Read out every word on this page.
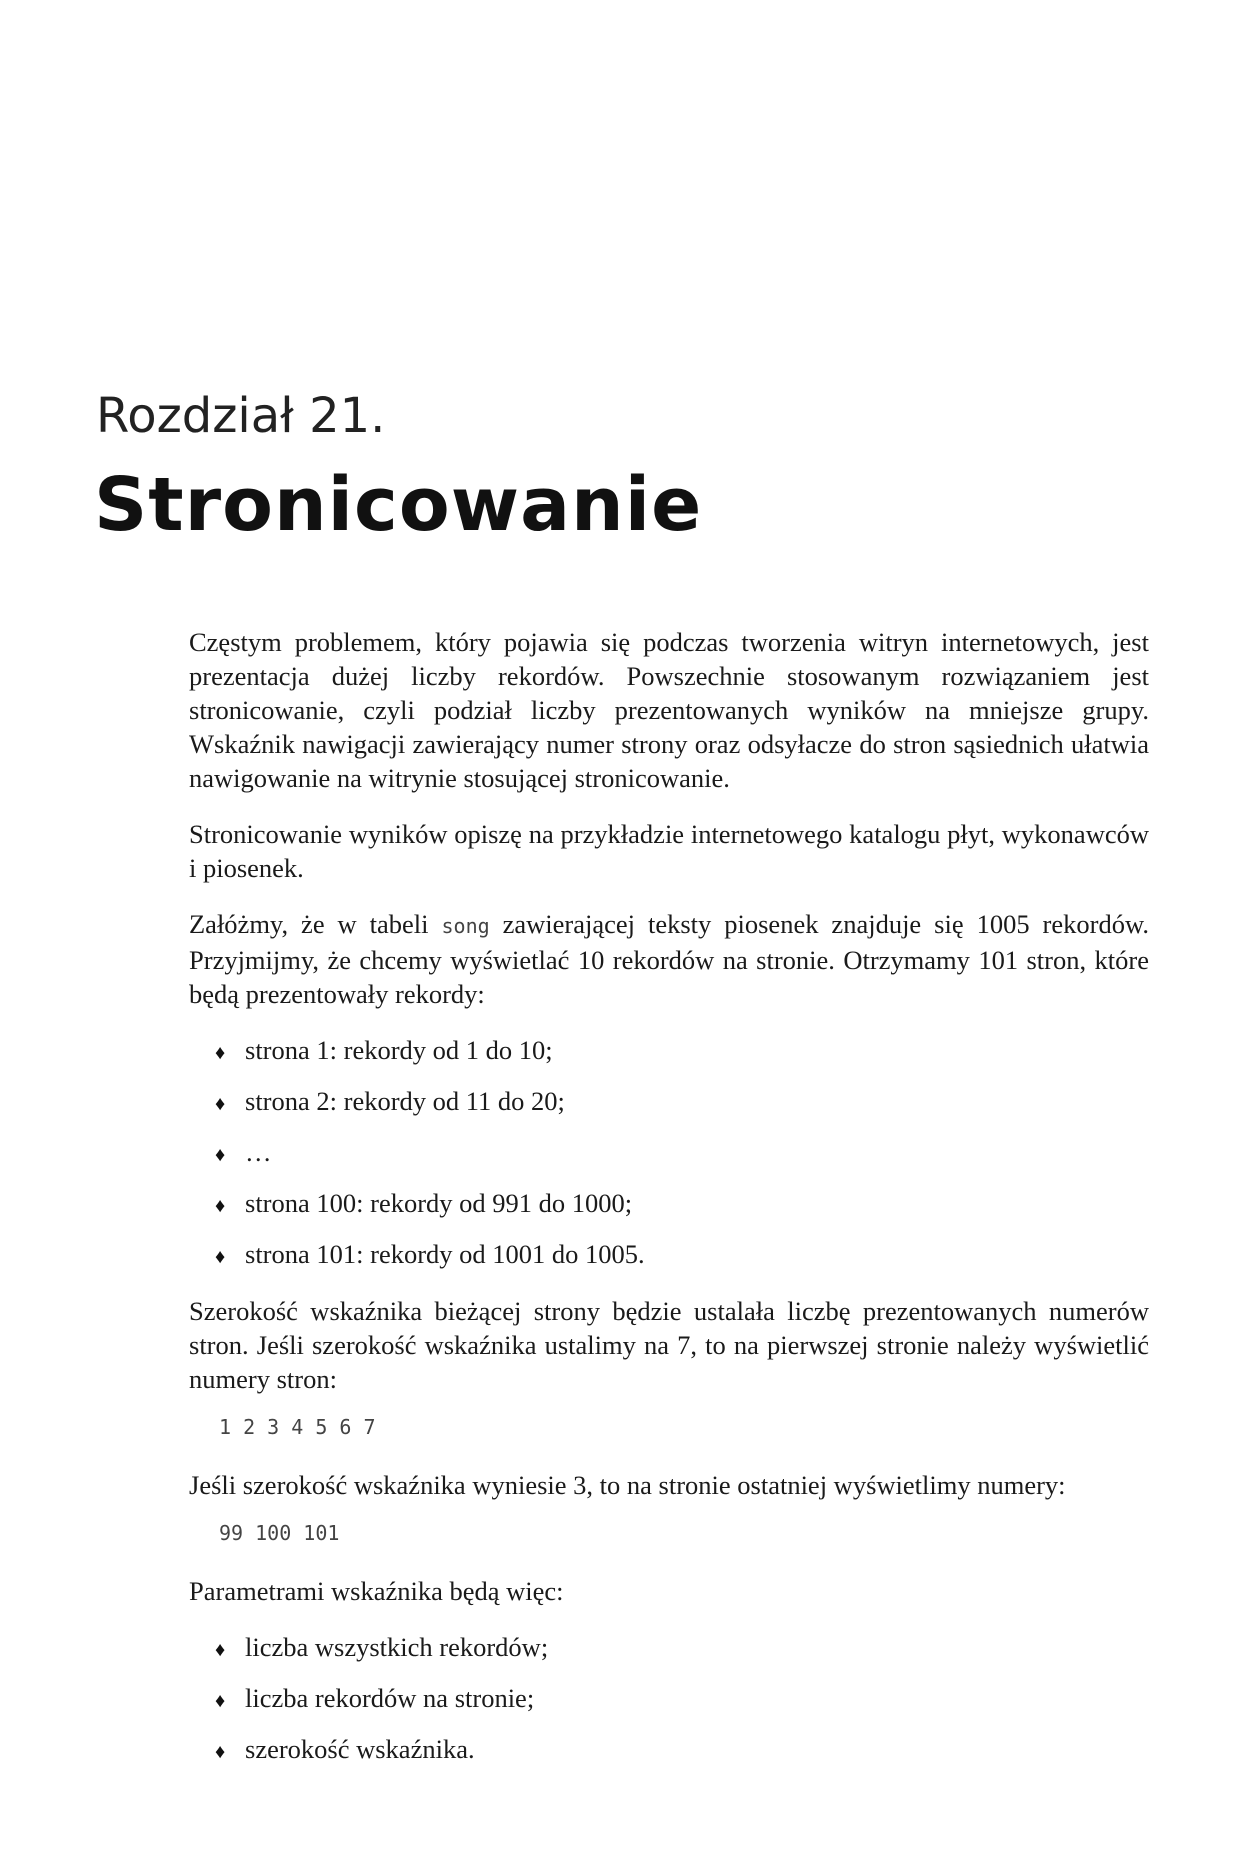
Rozdział 21.
Stronicowanie

Częstym problemem, który pojawia się podczas tworzenia witryn internetowych, jest prezentacja dużej liczby rekordów. Powszechnie stosowanym rozwiązaniem jest stronicowanie, czyli podział liczby prezentowanych wyników na mniejsze grupy. Wskaźnik nawigacji zawierający numer strony oraz odsyłacze do stron sąsiednich ułatwia nawigowanie na witrynie stosującej stronicowanie.

Stronicowanie wyników opiszę na przykładzie internetowego katalogu płyt, wykonawców i piosenek.

Załóżmy, że w tabeli song zawierającej teksty piosenek znajduje się 1005 rekordów. Przyjmijmy, że chcemy wyświetlać 10 rekordów na stronie. Otrzymamy 101 stron, które będą prezentowały rekordy:

♦ strona 1: rekordy od 1 do 10;
♦ strona 2: rekordy od 11 do 20;
♦ …
♦ strona 100: rekordy od 991 do 1000;
♦ strona 101: rekordy od 1001 do 1005.

Szerokość wskaźnika bieżącej strony będzie ustalała liczbę prezentowanych numerów stron. Jeśli szerokość wskaźnika ustalimy na 7, to na pierwszej stronie należy wyświetlić numery stron:

1 2 3 4 5 6 7

Jeśli szerokość wskaźnika wyniesie 3, to na stronie ostatniej wyświetlimy numery:

99 100 101

Parametrami wskaźnika będą więc:

♦ liczba wszystkich rekordów;
♦ liczba rekordów na stronie;
♦ szerokość wskaźnika.
